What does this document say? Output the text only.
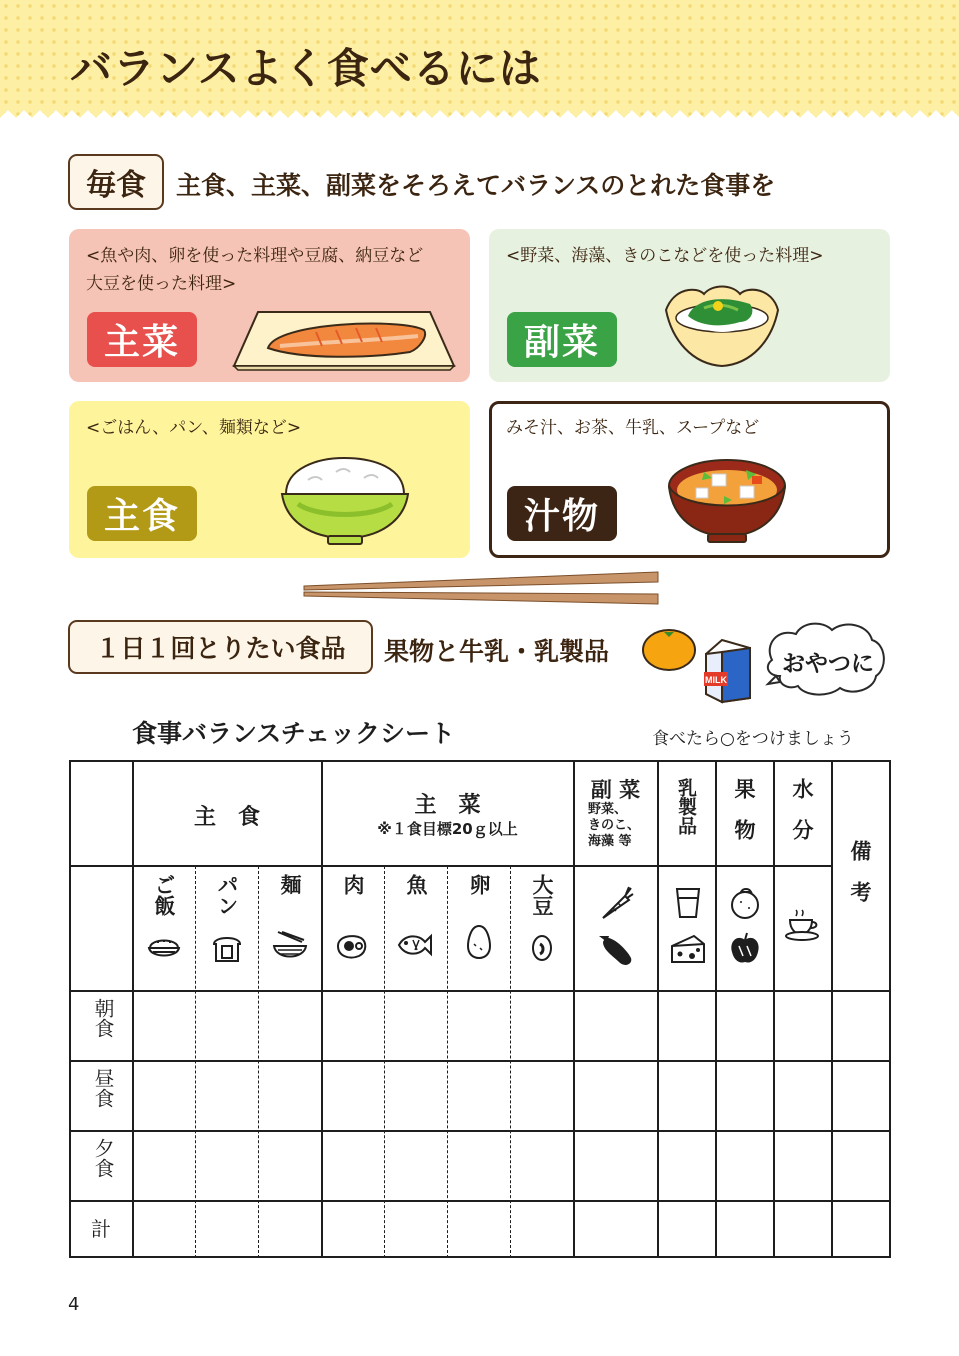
バランスよく食べるには
毎食 主食、主菜、副菜をそろえてバランスのとれた食事を
<魚や肉、卵を使った料理や豆腐、納豆など
大豆を使った料理>
主菜
<野菜、海藻、きのこなどを使った料理>
副菜
<ごはん、パン、麺類など>
主食
みそ汁、お茶、牛乳、スープなど
汁物
１日１回とりたい食品 果物と牛乳・乳製品
MILK
おやつに
食事バランスチェックシート	食べたら○をつけましょう
主　食	主　菜
※１食目標20ｇ以上
副 菜
野菜、
きのこ、
海藻 等
乳製品 果物 水分
備考
ご飯 パン 麺 肉 魚 卵 大豆
朝食
昼食
夕食
計
4
